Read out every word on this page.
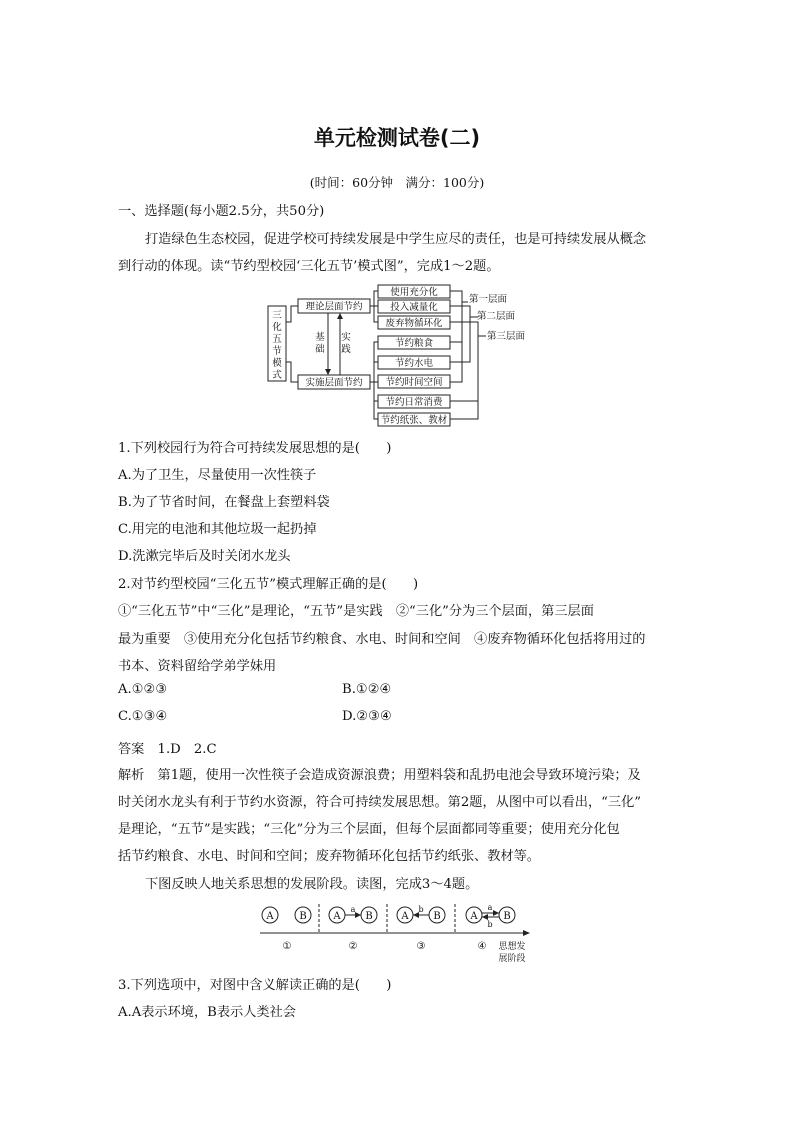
单元检测试卷(二)
(时间：60分钟　满分：100分)
一、选择题(每小题2.5分，共50分)
打造绿色生态校园，促进学校可持续发展是中学生应尽的责任，也是可持续发展从概念
到行动的体现。读“节约型校园‘三化五节’模式图”，完成1～2题。
三
化
五
节
模
式
理论层面节约
实施层面节约
基
础
实
践
使用充分化
投入减量化
废弃物循环化
节约粮食
节约水电
节约时间空间
节约日常消费
节约纸张、教材
第一层面
第二层面
第三层面
1.下列校园行为符合可持续发展思想的是(　　)
A.为了卫生，尽量使用一次性筷子
B.为了节省时间，在餐盘上套塑料袋
C.用完的电池和其他垃圾一起扔掉
D.洗漱完毕后及时关闭水龙头
2.对节约型校园“三化五节”模式理解正确的是(　　)
①“三化五节”中“三化”是理论，“五节”是实践　②“三化”分为三个层面，第三层面
最为重要　③使用充分化包括节约粮食、水电、时间和空间　④废弃物循环化包括将用过的
书本、资料留给学弟学妹用
A.①②③	B.①②④
C.①③④	D.②③④
答案　1.D　2.C
解析　第1题，使用一次性筷子会造成资源浪费；用塑料袋和乱扔电池会导致环境污染；及
时关闭水龙头有利于节约水资源，符合可持续发展思想。第2题，从图中可以看出，“三化”
是理论，“五节”是实践；“三化”分为三个层面，但每个层面都同等重要；使用充分化包
括节约粮食、水电、时间和空间；废弃物循环化包括节约纸张、教材等。
下图反映人地关系思想的发展阶段。读图，完成3～4题。
A	B	A B	A B	A	B
a	b	a
b
①	②	③	④ 思想发
展阶段
3.下列选项中，对图中含义解读正确的是(　　)
A.A表示环境，B表示人类社会
